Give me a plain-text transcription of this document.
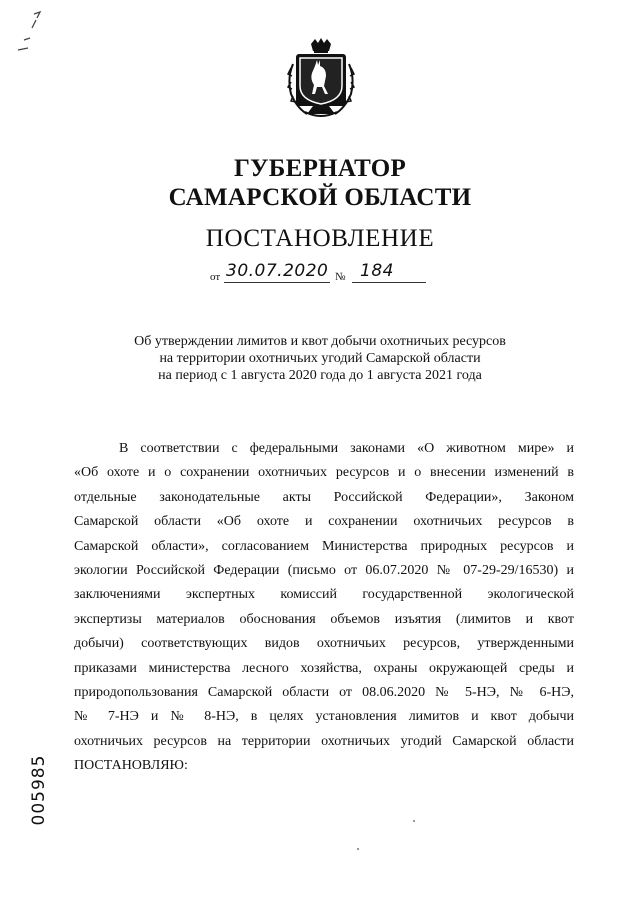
ГУБЕРНАТОР
САМАРСКОЙ ОБЛАСТИ
ПОСТАНОВЛЕНИЕ
от 30.07.2020 № 184
Об утверждении лимитов и квот добычи охотничьих ресурсов
на территории охотничьих угодий Самарской области
на период с 1 августа 2020 года до 1 августа 2021 года
В соответствии с федеральными законами «О животном мире» и
«Об охоте и о сохранении охотничьих ресурсов и о внесении изменений в
отдельные законодательные акты Российской Федерации», Законом
Самарской области «Об охоте и сохранении охотничьих ресурсов в
Самарской области», согласованием Министерства природных ресурсов и
экологии Российской Федерации (письмо от 06.07.2020 № 07-29-29/16530) и
заключениями экспертных комиссий государственной экологической
экспертизы материалов обоснования объемов изъятия (лимитов и квот
добычи) соответствующих видов охотничьих ресурсов, утвержденными
приказами министерства лесного хозяйства, охраны окружающей среды и
природопользования Самарской области от 08.06.2020 № 5-НЭ, № 6-НЭ,
№ 7-НЭ и № 8-НЭ, в целях установления лимитов и квот добычи
охотничьих ресурсов на территории охотничьих угодий Самарской области
ПОСТАНОВЛЯЮ:
005985
